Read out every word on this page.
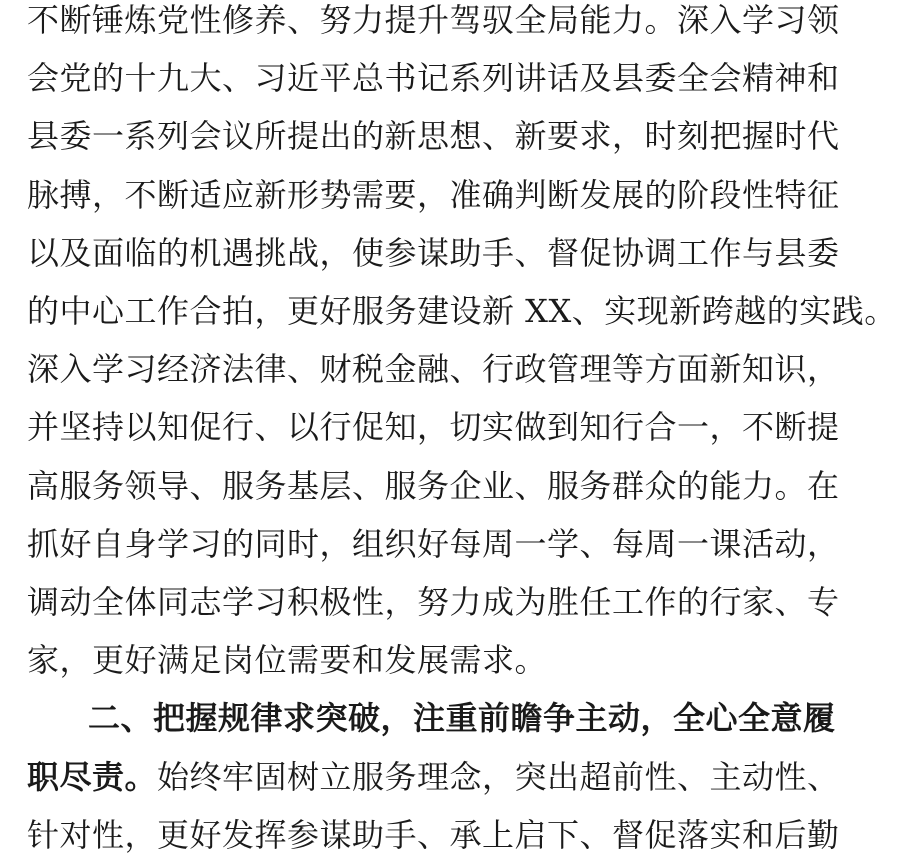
不断锤炼党性修养、努力提升驾驭全局能力。深入学习领
会党的十九大、习近平总书记系列讲话及县委全会精神和
县委一系列会议所提出的新思想、新要求，时刻把握时代
脉搏，不断适应新形势需要，准确判断发展的阶段性特征
以及面临的机遇挑战，使参谋助手、督促协调工作与县委
的中心工作合拍，更好服务建设新 XX、实现新跨越的实践。
深入学习经济法律、财税金融、行政管理等方面新知识，
并坚持以知促行、以行促知，切实做到知行合一，不断提
高服务领导、服务基层、服务企业、服务群众的能力。在
抓好自身学习的同时，组织好每周一学、每周一课活动，
调动全体同志学习积极性，努力成为胜任工作的行家、专
家，更好满足岗位需要和发展需求。
二、把握规律求突破，注重前瞻争主动，全心全意履
职尽责。始终牢固树立服务理念，突出超前性、主动性、
针对性，更好发挥参谋助手、承上启下、督促落实和后勤
